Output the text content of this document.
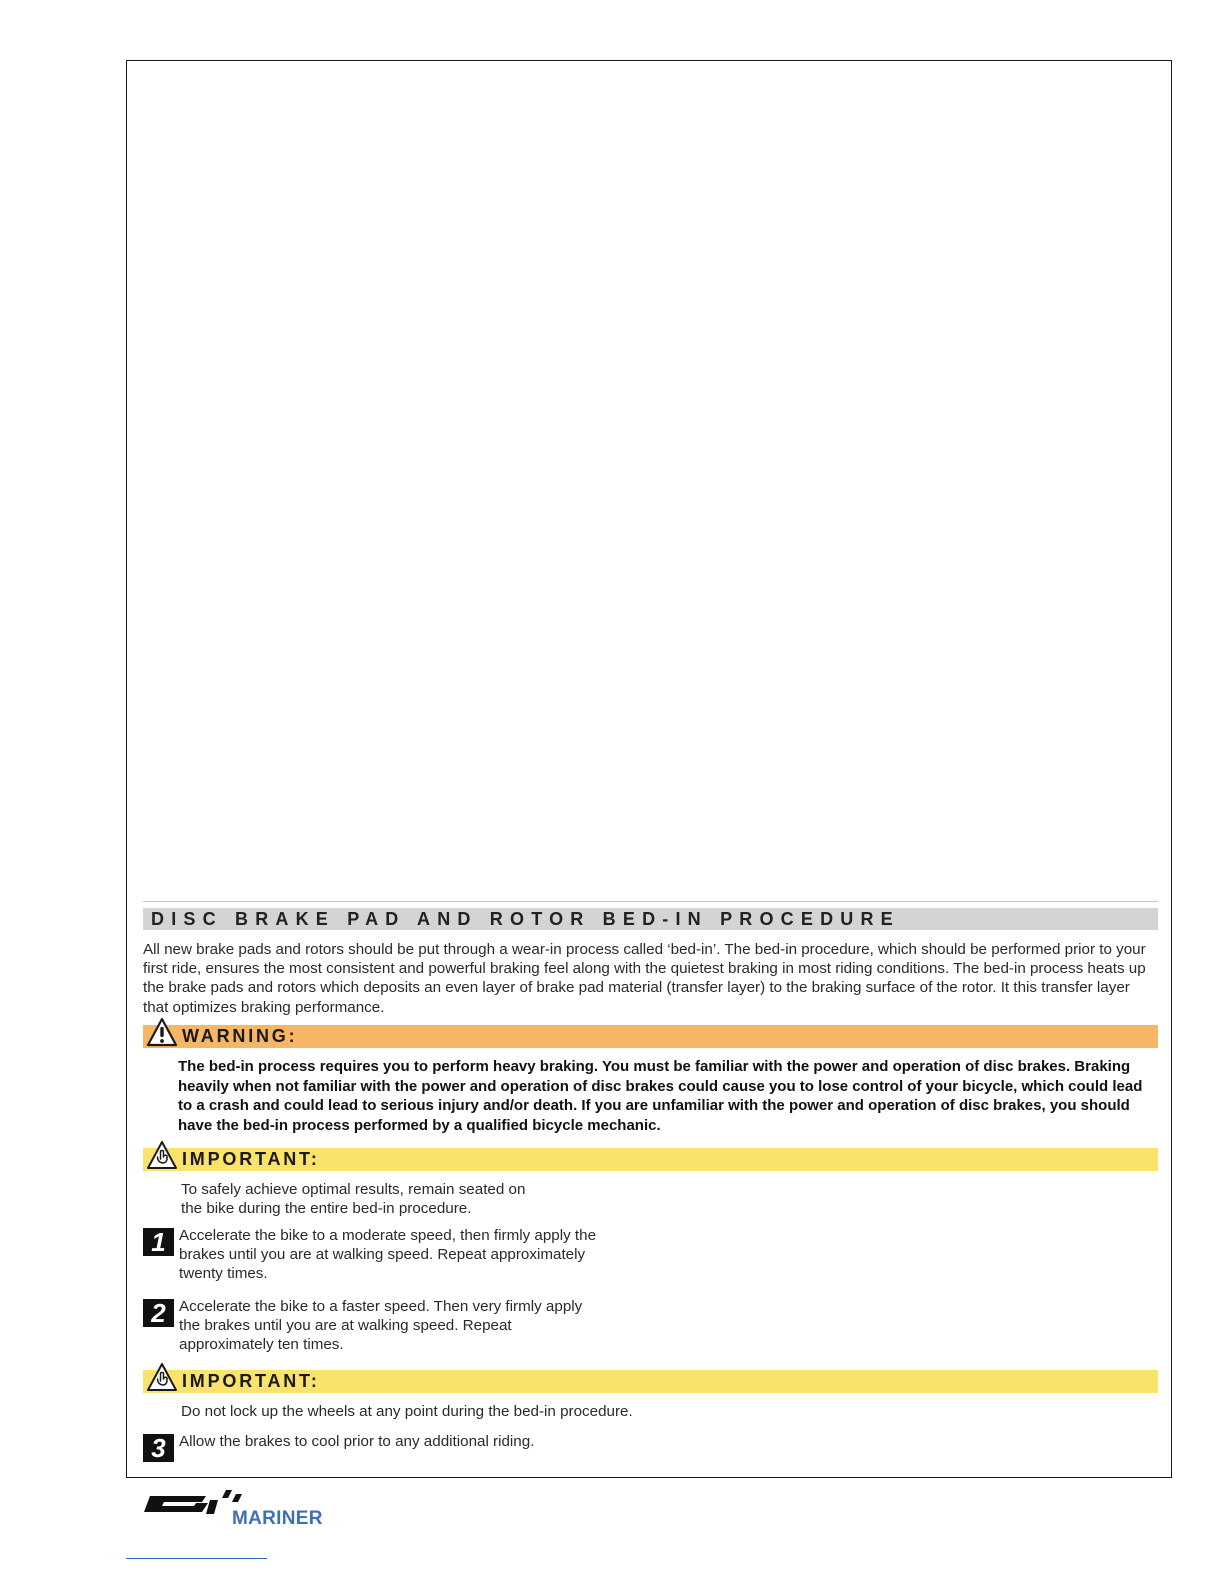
DISC BRAKE PAD AND ROTOR BED-IN PROCEDURE
All new brake pads and rotors should be put through a wear-in process called ‘bed-in’. The bed-in procedure, which should be performed prior to your first ride, ensures the most consistent and powerful braking feel along with the quietest braking in most riding conditions. The bed-in process heats up the brake pads and rotors which deposits an even layer of brake pad material (transfer layer) to the braking surface of the rotor. It this transfer layer that optimizes braking performance.
WARNING:
The bed-in process requires you to perform heavy braking. You must be familiar with the power and operation of disc brakes. Braking heavily when not familiar with the power and operation of disc brakes could cause you to lose control of your bicycle, which could lead to a crash and could lead to serious injury and/or death. If you are unfamiliar with the power and operation of disc brakes, you should have the bed-in process performed by a qualified bicycle mechanic.
IMPORTANT:
To safely achieve optimal results, remain seated on
the bike during the entire bed-in procedure.
1 Accelerate the bike to a moderate speed, then firmly apply the
brakes until you are at walking speed. Repeat approximately
twenty times.
2 Accelerate the bike to a faster speed. Then very firmly apply
the brakes until you are at walking speed. Repeat
approximately ten times.
IMPORTANT:
Do not lock up the wheels at any point during the bed-in procedure.
3 Allow the brakes to cool prior to any additional riding.
MARINER
